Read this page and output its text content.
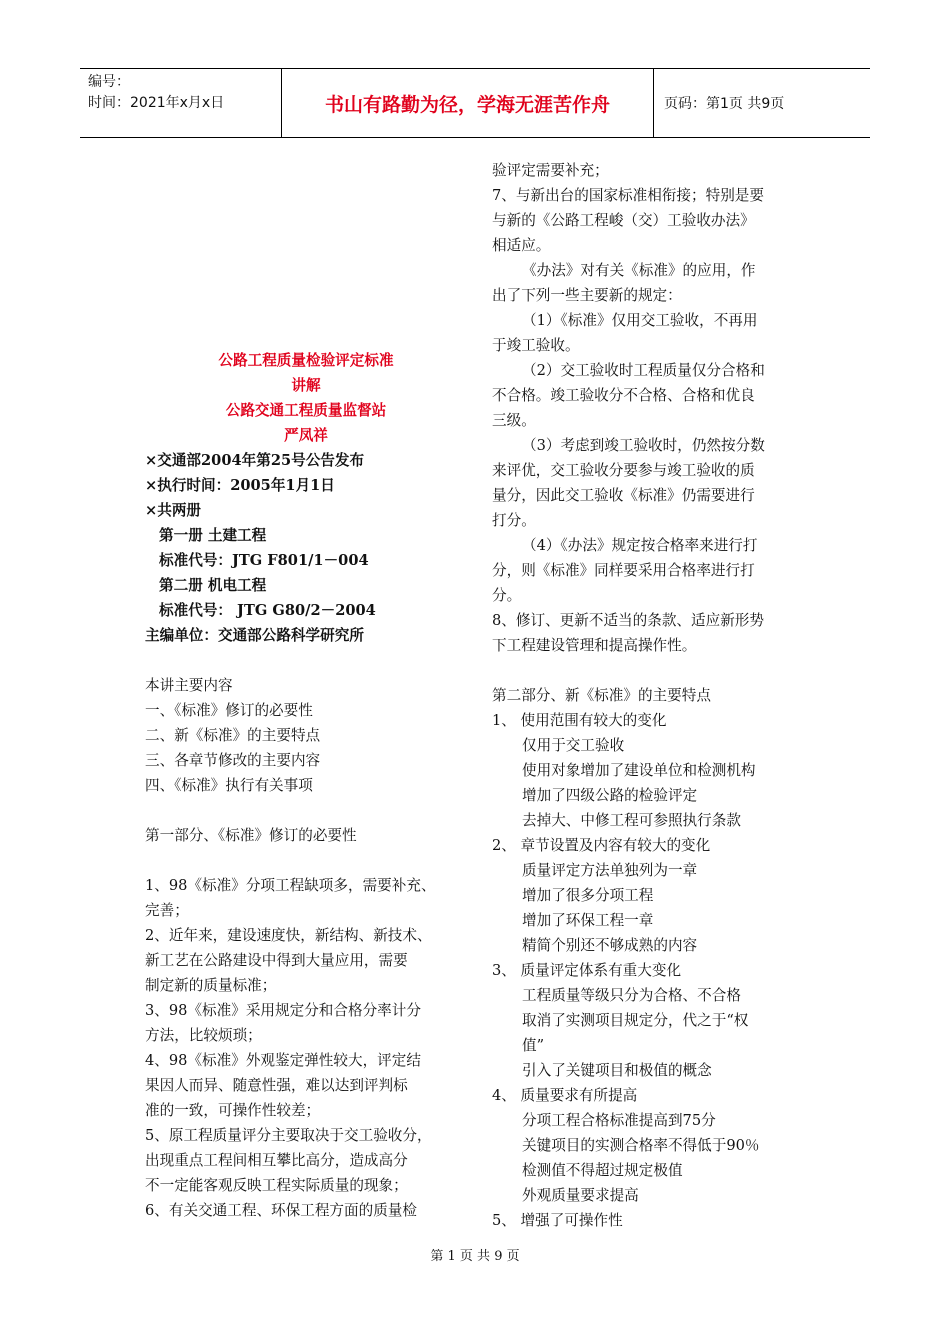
编号：
时间：2021年x月x日	书山有路勤为径，学海无涯苦作舟	页码：第1页 共9页
公路工程质量检验评定标准
讲解
公路交通工程质量监督站
严凤祥
×交通部2004年第25号公告发布
×执行时间：2005年1月1日
×共两册
第一册 土建工程
标准代号：JTG F801/1－004
第二册 机电工程
标准代号： JTG G80/2－2004
主编单位：交通部公路科学研究所
本讲主要内容
一、《标准》修订的必要性
二、新《标准》的主要特点
三、各章节修改的主要内容
四、《标准》执行有关事项
第一部分、《标准》修订的必要性
1、98《标准》分项工程缺项多，需要补充、
完善；
2、近年来，建设速度快，新结构、新技术、
新工艺在公路建设中得到大量应用，需要
制定新的质量标准；
3、98《标准》采用规定分和合格分率计分
方法，比较烦琐；
4、98《标准》外观鉴定弹性较大，评定结
果因人而异、随意性强，难以达到评判标
准的一致，可操作性较差；
5、原工程质量评分主要取决于交工验收分，
出现重点工程间相互攀比高分，造成高分
不一定能客观反映工程实际质量的现象；
6、有关交通工程、环保工程方面的质量检
验评定需要补充；
7、与新出台的国家标准相衔接；特别是要
与新的《公路工程峻（交）工验收办法》
相适应。
《办法》对有关《标准》的应用，作
出了下列一些主要新的规定：
（1）《标准》仅用交工验收，不再用
于竣工验收。
（2）交工验收时工程质量仅分合格和
不合格。竣工验收分不合格、合格和优良
三级。
（3）考虑到竣工验收时，仍然按分数
来评优，交工验收分要参与竣工验收的质
量分，因此交工验收《标准》仍需要进行
打分。
（4）《办法》规定按合格率来进行打
分，则《标准》同样要采用合格率进行打
分。
8、修订、更新不适当的条款、适应新形势
下工程建设管理和提高操作性。
第二部分、新《标准》的主要特点
1、 使用范围有较大的变化
仅用于交工验收
使用对象增加了建设单位和检测机构
增加了四级公路的检验评定
去掉大、中修工程可参照执行条款
2、 章节设置及内容有较大的变化
质量评定方法单独列为一章
增加了很多分项工程
增加了环保工程一章
精简个别还不够成熟的内容
3、 质量评定体系有重大变化
工程质量等级只分为合格、不合格
取消了实测项目规定分，代之于“权
值”
引入了关键项目和极值的概念
4、 质量要求有所提高
分项工程合格标准提高到75分
关键项目的实测合格率不得低于90％
检测值不得超过规定极值
外观质量要求提高
5、 增强了可操作性
第 1 页 共 9 页
